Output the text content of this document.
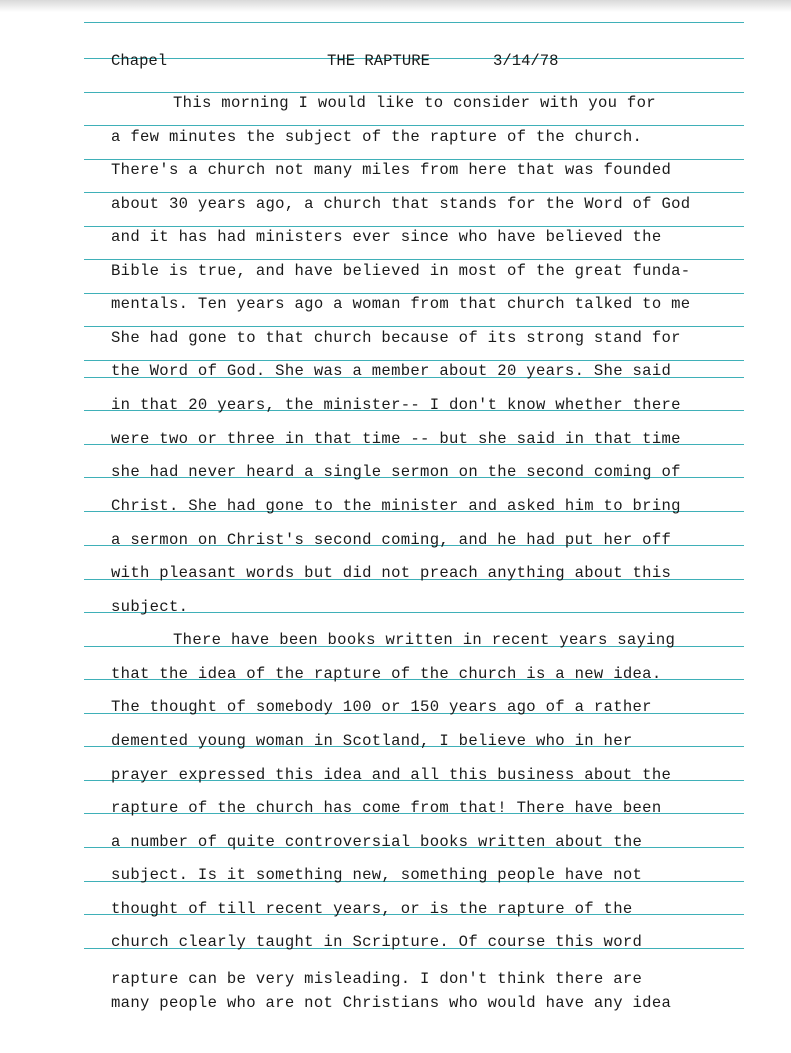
Chapel	THE RAPTURE	3/14/78
This morning I would like to consider with you for
a few minutes the subject of the rapture of the church.
There's a church not many miles from here that was founded
about 30 years ago, a church that stands for the Word of God
and it has had ministers ever since who have believed the
Bible is true, and have believed in most of the great funda-
mentals. Ten years ago a woman from that church talked to me
She had gone to that church because of its strong stand for
the Word of God. She was a member about 20 years. She said
in that 20 years, the minister-- I don't know whether there
were two or three in that time -- but she said in that time
she had never heard a single sermon on the second coming of
Christ. She had gone to the minister and asked him to bring
a sermon on Christ's second coming, and he had put her off
with pleasant words but did not preach anything about this
subject.
There have been books written in recent years saying
that the idea of the rapture of the church is a new idea.
The thought of somebody 100 or 150 years ago of a rather
demented young woman in Scotland, I believe who in her
prayer expressed this idea and all this business about the
rapture of the church has come from that! There have been
a number of quite controversial books written about the
subject. Is it something new, something people have not
thought of till recent years, or is the rapture of the
church clearly taught in Scripture. Of course this word
rapture can be very misleading. I don't think there are
many people who are not Christians who would have any idea
